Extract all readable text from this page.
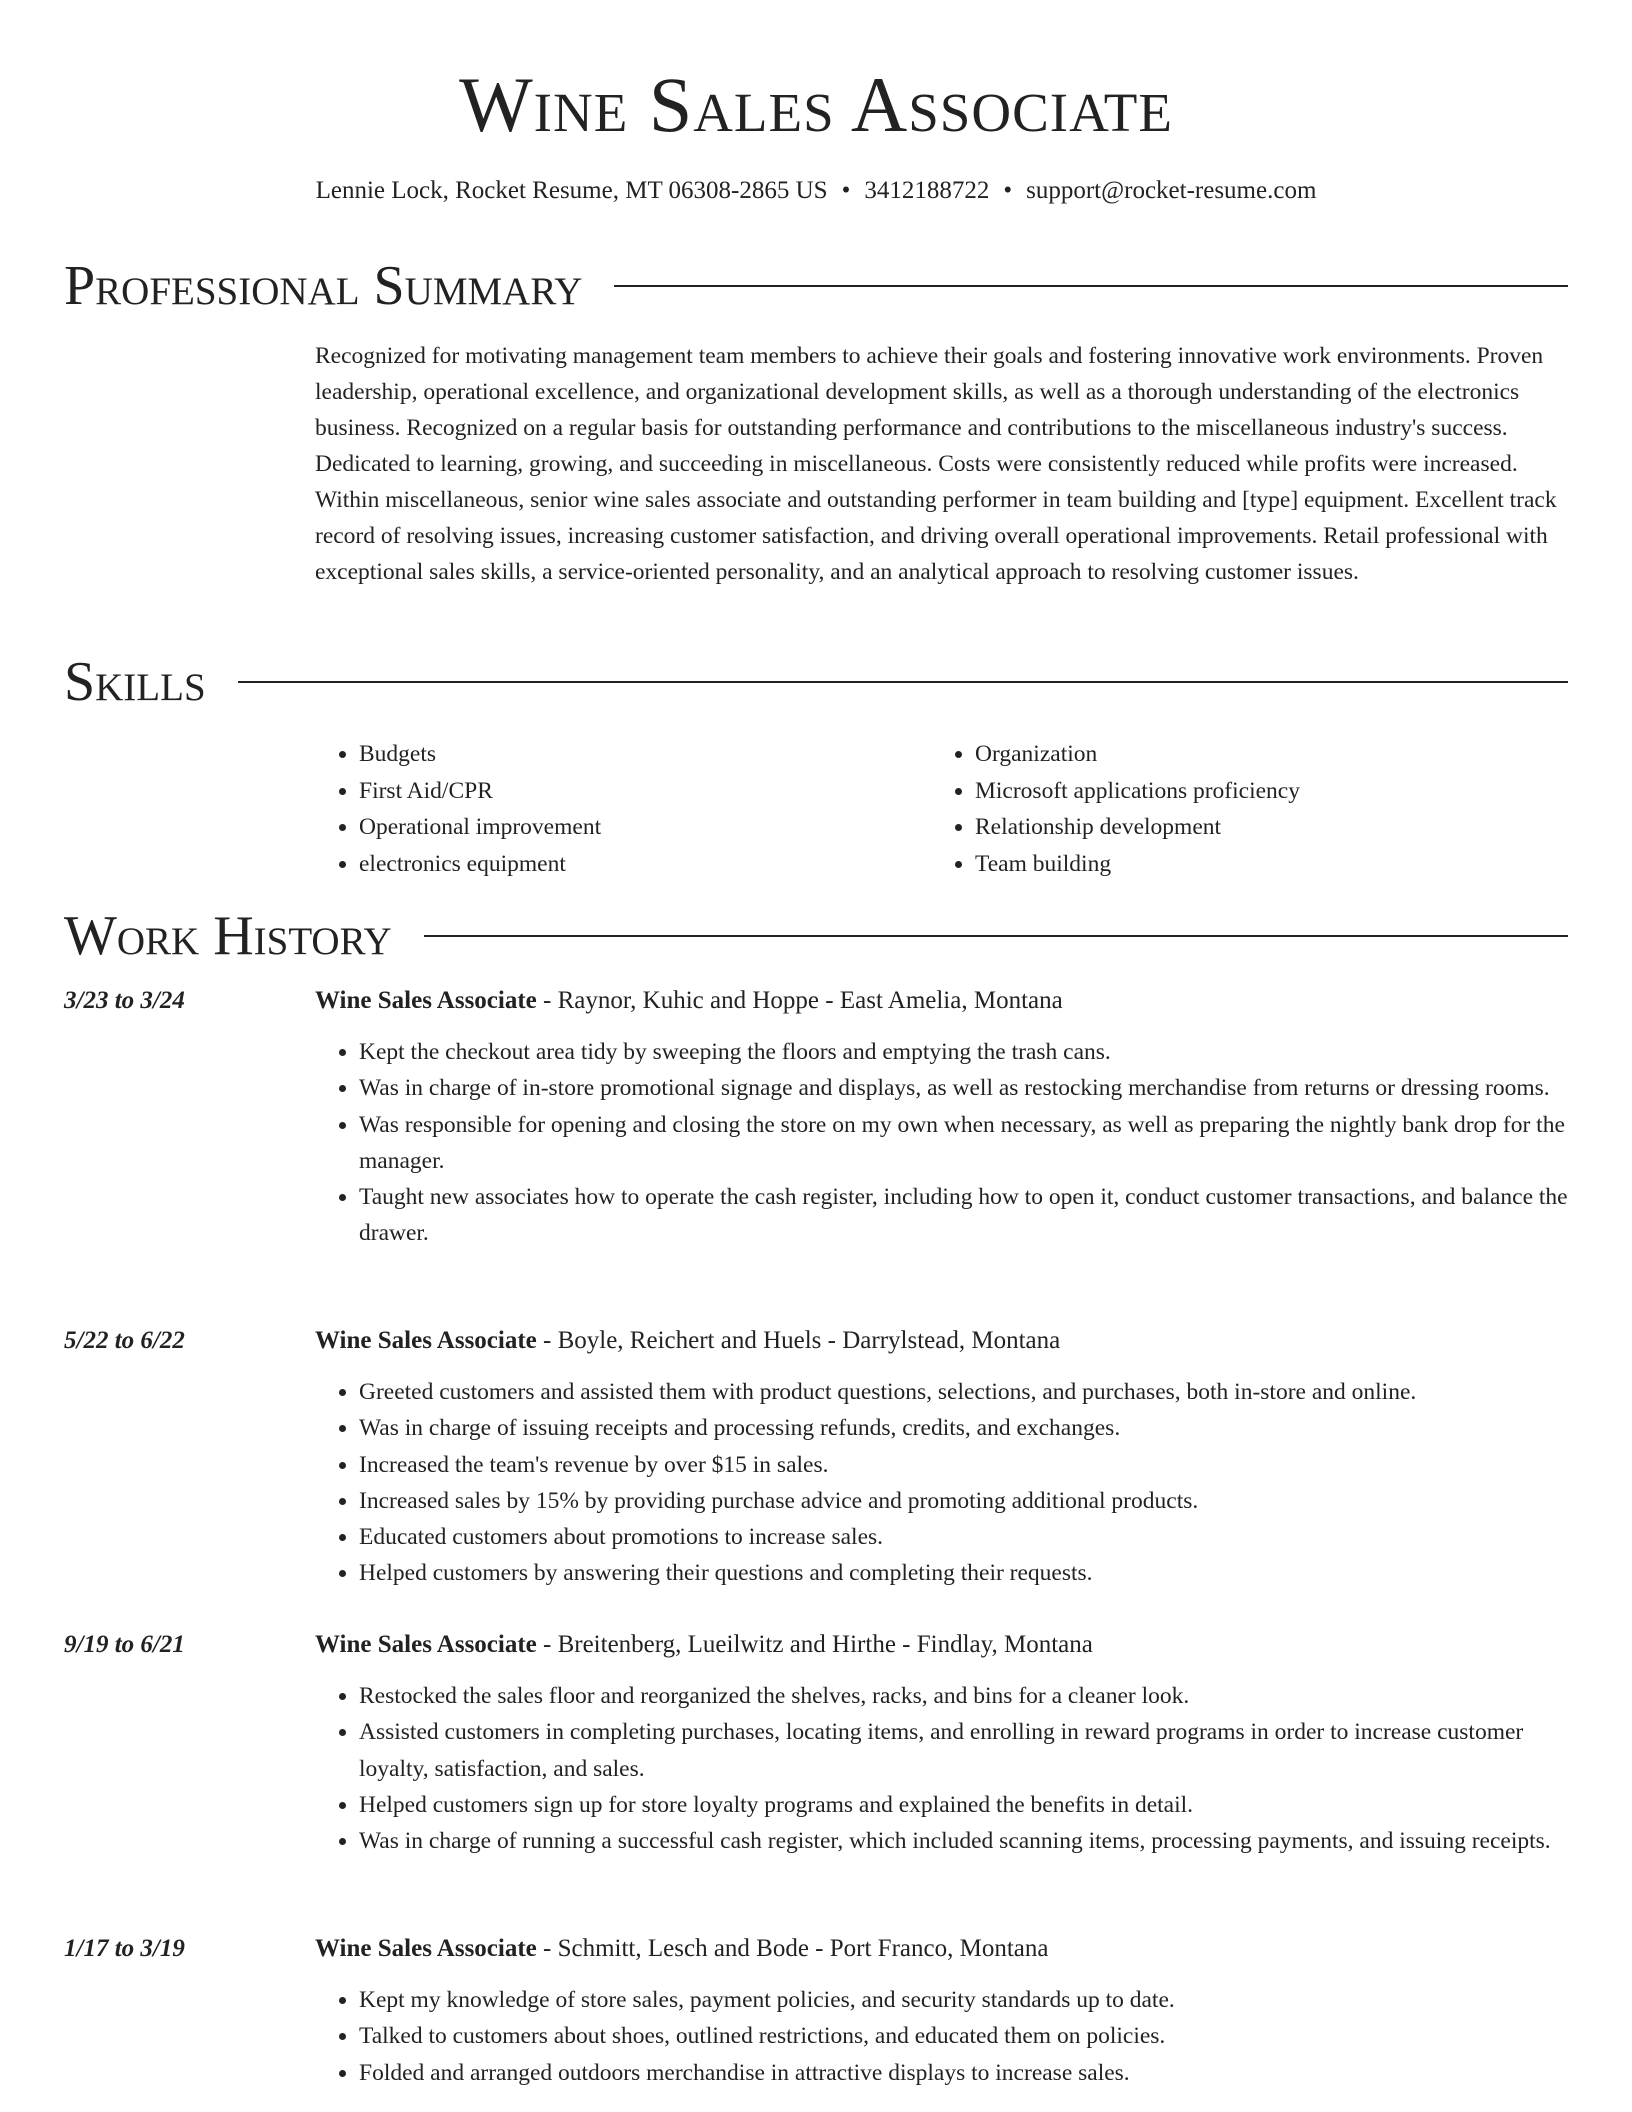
Wine Sales Associate
Lennie Lock, Rocket Resume, MT 06308-2865 US • 3412188722 • support@rocket-resume.com
Professional Summary

Recognized for motivating management team members to achieve their goals and fostering innovative work environments. Proven leadership, operational excellence, and organizational development skills, as well as a thorough understanding of the electronics business. Recognized on a regular basis for outstanding performance and contributions to the miscellaneous industry's success. Dedicated to learning, growing, and succeeding in miscellaneous. Costs were consistently reduced while profits were increased. Within miscellaneous, senior wine sales associate and outstanding performer in team building and [type] equipment. Excellent track record of resolving issues, increasing customer satisfaction, and driving overall operational improvements. Retail professional with exceptional sales skills, a service-oriented personality, and an analytical approach to resolving customer issues.

Skills
• Budgets
• First Aid/CPR
• Operational improvement
• electronics equipment
• Organization
• Microsoft applications proficiency
• Relationship development
• Team building
Work History
3/23 to 3/24	Wine Sales Associate - Raynor, Kuhic and Hoppe - East Amelia, Montana
• Kept the checkout area tidy by sweeping the floors and emptying the trash cans.
• Was in charge of in-store promotional signage and displays, as well as restocking merchandise from returns or dressing rooms.
• Was responsible for opening and closing the store on my own when necessary, as well as preparing the nightly bank drop for the manager.
• Taught new associates how to operate the cash register, including how to open it, conduct customer transactions, and balance the drawer.
5/22 to 6/22	Wine Sales Associate - Boyle, Reichert and Huels - Darrylstead, Montana
• Greeted customers and assisted them with product questions, selections, and purchases, both in-store and online.
• Was in charge of issuing receipts and processing refunds, credits, and exchanges.
• Increased the team's revenue by over $15 in sales.
• Increased sales by 15% by providing purchase advice and promoting additional products.
• Educated customers about promotions to increase sales.
• Helped customers by answering their questions and completing their requests.
9/19 to 6/21	Wine Sales Associate - Breitenberg, Lueilwitz and Hirthe - Findlay, Montana
• Restocked the sales floor and reorganized the shelves, racks, and bins for a cleaner look.
• Assisted customers in completing purchases, locating items, and enrolling in reward programs in order to increase customer loyalty, satisfaction, and sales.
• Helped customers sign up for store loyalty programs and explained the benefits in detail.
• Was in charge of running a successful cash register, which included scanning items, processing payments, and issuing receipts.
1/17 to 3/19	Wine Sales Associate - Schmitt, Lesch and Bode - Port Franco, Montana
• Kept my knowledge of store sales, payment policies, and security standards up to date.
• Talked to customers about shoes, outlined restrictions, and educated them on policies.
• Folded and arranged outdoors merchandise in attractive displays to increase sales.
